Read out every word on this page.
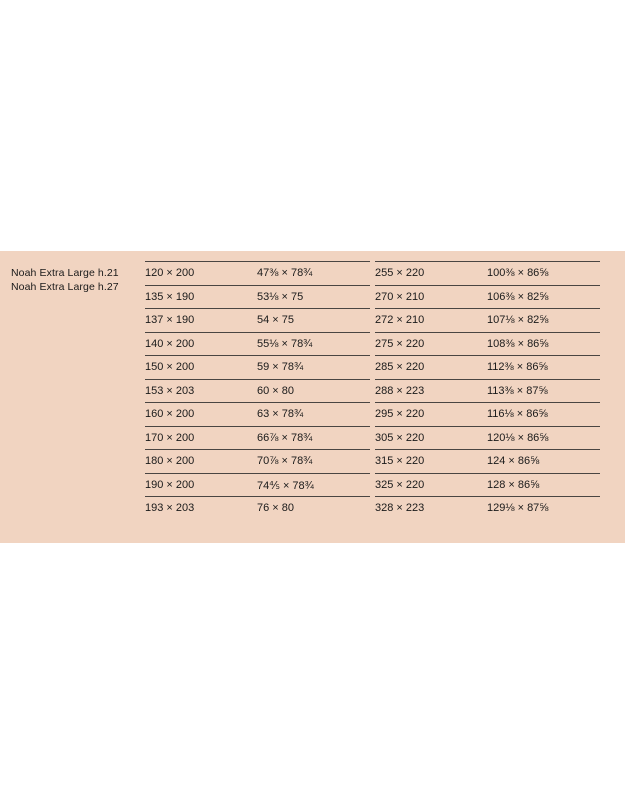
Noah Extra Large h.21
Noah Extra Large h.27
120 × 200	47⅜ × 78¾
135 × 190	53⅛ × 75
137 × 190	54 × 75
140 × 200	55⅛ × 78¾
150 × 200	59 × 78¾
153 × 203	60 × 80
160 × 200	63 × 78¾
170 × 200	66⅞ × 78¾
180 × 200	70⅞ × 78¾
190 × 200	74⅘ × 78¾
193 × 203	76 × 80
255 × 220	100⅜ × 86⅝
270 × 210	106⅜ × 82⅝
272 × 210	107⅛ × 82⅝
275 × 220	108⅜ × 86⅝
285 × 220	112⅜ × 86⅝
288 × 223	113⅜ × 87⅝
295 × 220	116⅛ × 86⅝
305 × 220	120⅛ × 86⅝
315 × 220	124 × 86⅝
325 × 220	128 × 86⅝
328 × 223	129⅛ × 87⅝
